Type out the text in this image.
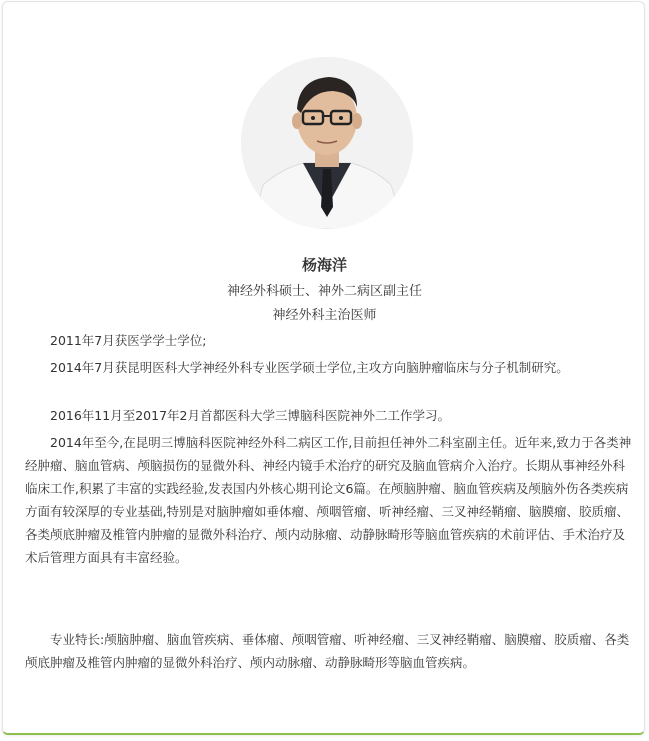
杨海洋
神经外科硕士、神外二病区副主任
神经外科主治医师

2011年7月获医学学士学位;

2014年7月获昆明医科大学神经外科专业医学硕士学位,主攻方向脑肿瘤临床与分子机制研究。

2016年11月至2017年2月首都医科大学三博脑科医院神外二工作学习。

2014年至今,在昆明三博脑科医院神经外科二病区工作,目前担任神外二科室副主任。近年来,致力于各类神经肿瘤、脑血管病、颅脑损伤的显微外科、神经内镜手术治疗的研究及脑血管病介入治疗。长期从事神经外科临床工作,积累了丰富的实践经验,发表国内外核心期刊论文6篇。在颅脑肿瘤、脑血管疾病及颅脑外伤各类疾病方面有较深厚的专业基础,特别是对脑肿瘤如垂体瘤、颅咽管瘤、听神经瘤、三叉神经鞘瘤、脑膜瘤、胶质瘤、各类颅底肿瘤及椎管内肿瘤的显微外科治疗、颅内动脉瘤、动静脉畸形等脑血管疾病的术前评估、手术治疗及术后管理方面具有丰富经验。

专业特长:颅脑肿瘤、脑血管疾病、垂体瘤、颅咽管瘤、听神经瘤、三叉神经鞘瘤、脑膜瘤、胶质瘤、各类颅底肿瘤及椎管内肿瘤的显微外科治疗、颅内动脉瘤、动静脉畸形等脑血管疾病。
